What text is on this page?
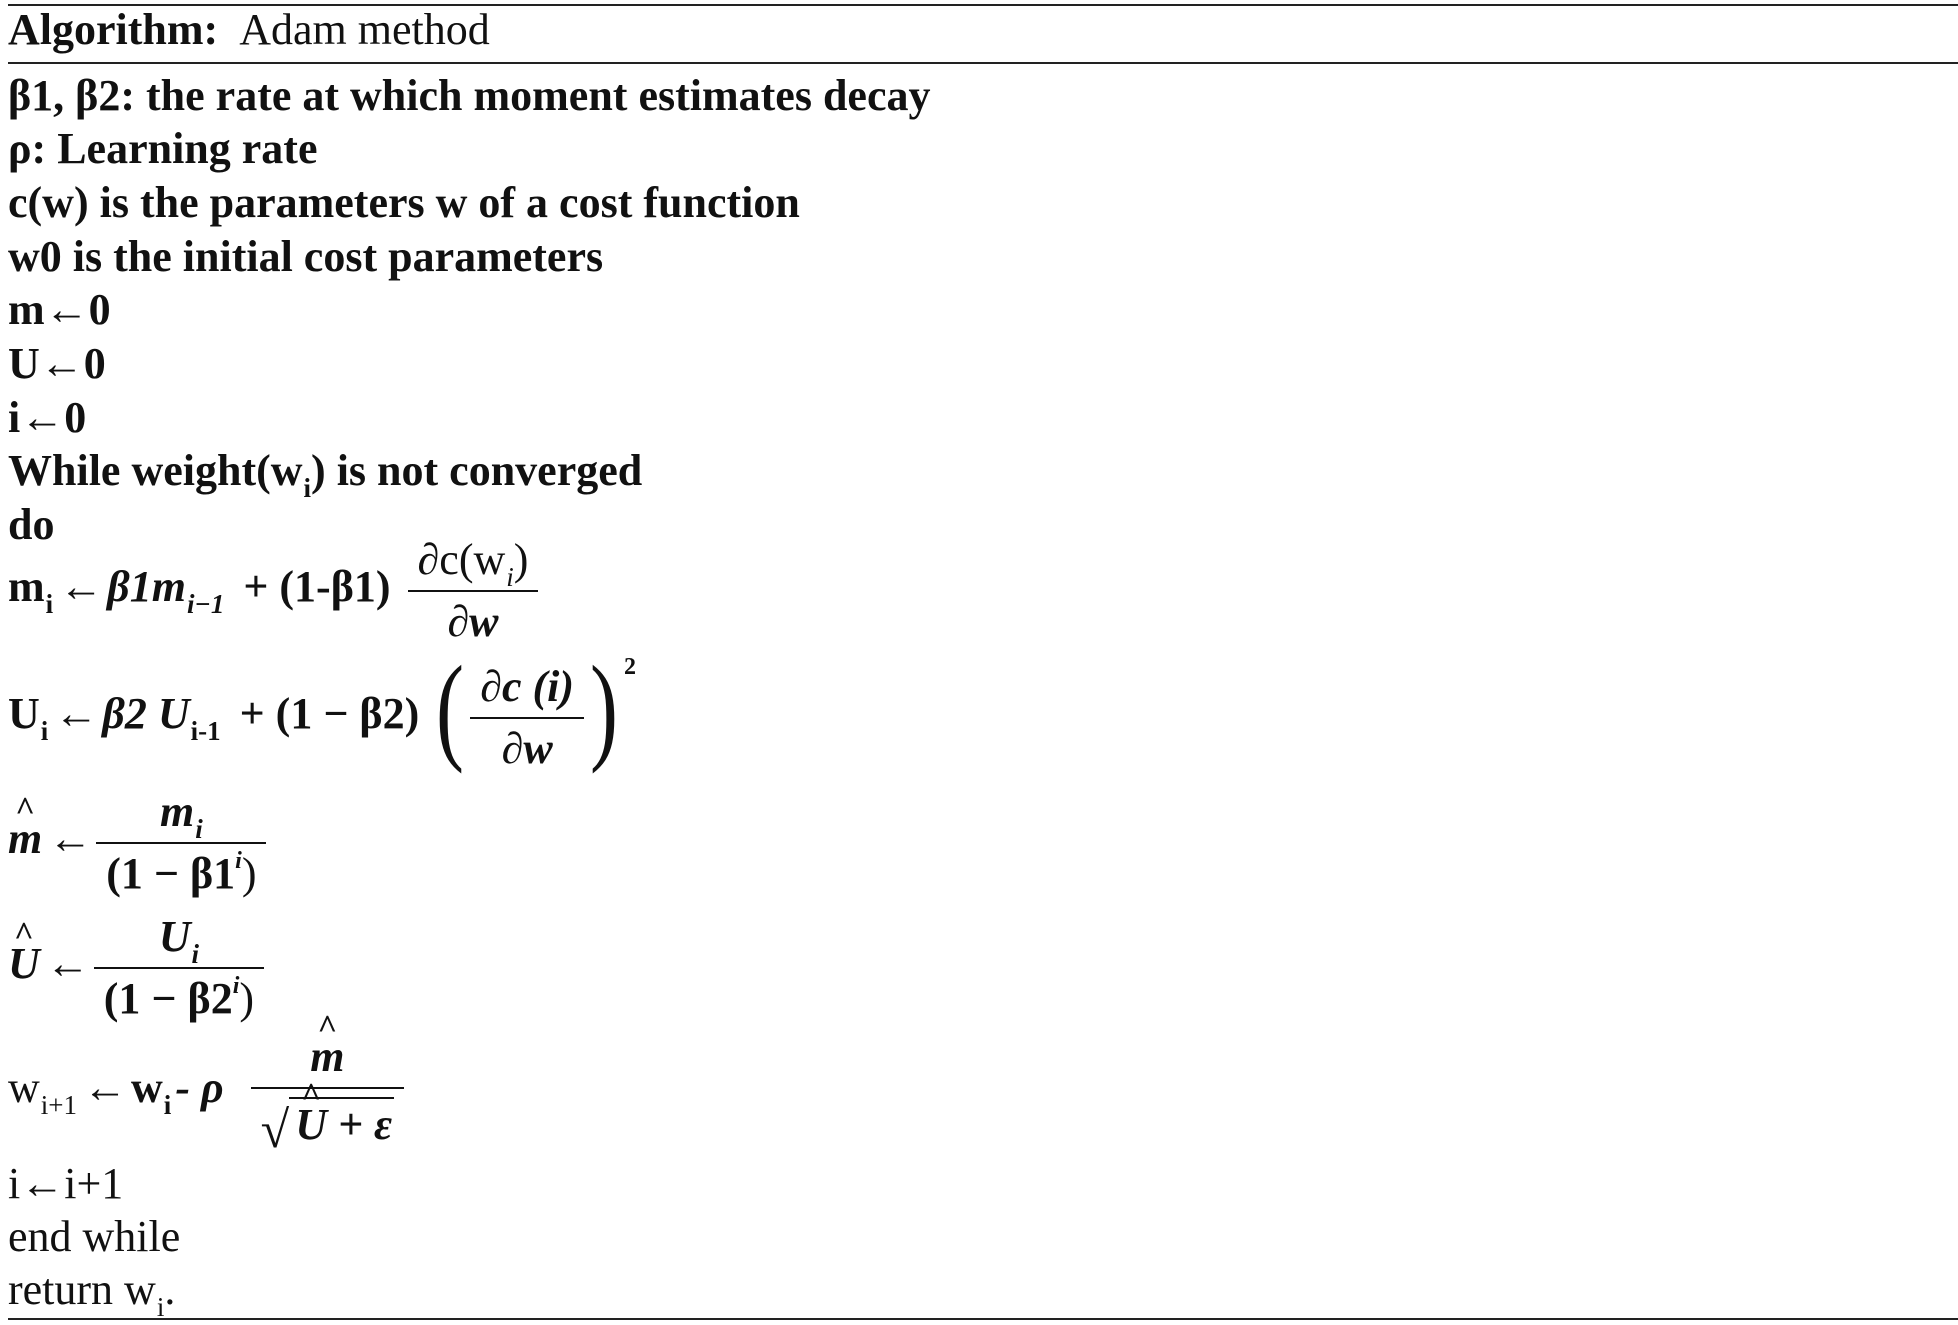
Algorithm: Adam method
β1, β2: the rate at which moment estimates decay
ρ: Learning rate
c(w) is the parameters w of a cost function
w0 is the initial cost parameters
m←0
U←0
i←0
While $weight(w_i)$ is not converged
do
$m_i$ $\leftarrow\beta 1m_{i-1} + (1-\beta 1) \frac{\partial c(w_i)}{\partial w}$
$U_i$ ←β2 $U_{i-1} + (1 - \beta 2)$ ( $\frac{\partial c (i)}{\partial w}$ ) $^2$
^ m ← $\frac{m_i}{(1 - \beta 1^i)}$
^ U ← $\frac{U_i}{(1 - \beta 2^i)}$
$w_{i+1}$ $\leftarrow w_i-$ ρ ^ $\frac{m}{√ \^{} U + \varepsilon}$
i←i+1
end while
return $w_i$.
